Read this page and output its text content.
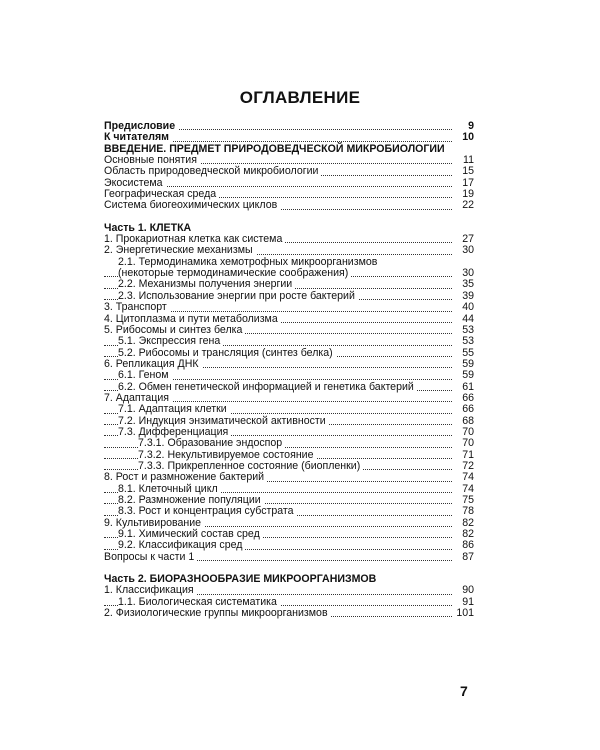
ОГЛАВЛЕНИЕ
Предисловие	9
К читателям	10
ВВЕДЕНИЕ. ПРЕДМЕТ ПРИРОДОВЕДЧЕСКОЙ МИКРОБИОЛОГИИ
Основные понятия	11
Область природоведческой микробиологии	15
Экосистема	17
Географическая среда	19
Система биогеохимических циклов	22
Часть 1. КЛЕТКА
1. Прокариотная клетка как система	27
2. Энергетические механизмы	30
2.1. Термодинамика хемотрофных микроорганизмов
(некоторые термодинамические соображения)	30
2.2. Механизмы получения энергии	35
2.3. Использование энергии при росте бактерий	39
3. Транспорт	40
4. Цитоплазма и пути метаболизма	44
5. Рибосомы и синтез белка	53
5.1. Экспрессия гена	53
5.2. Рибосомы и трансляция (синтез белка)	55
6. Репликация ДНК	59
6.1. Геном	59
6.2. Обмен генетической информацией и генетика бактерий	61
7. Адаптация	66
7.1. Адаптация клетки	66
7.2. Индукция энзиматической активности	68
7.3. Дифференциация	70
7.3.1. Образование эндоспор	70
7.3.2. Некультивируемое состояние	71
7.3.3. Прикрепленное состояние (биопленки)	72
8. Рост и размножение бактерий	74
8.1. Клеточный цикл	74
8.2. Размножение популяции	75
8.3. Рост и концентрация субстрата	78
9. Культивирование	82
9.1. Химический состав сред	82
9.2. Классификация сред	86
Вопросы к части 1	87
Часть 2. БИОРАЗНООБРАЗИЕ МИКРООРГАНИЗМОВ
1. Классификация	90
1.1. Биологическая систематика	91
2. Физиологические группы микроорганизмов	101
7
